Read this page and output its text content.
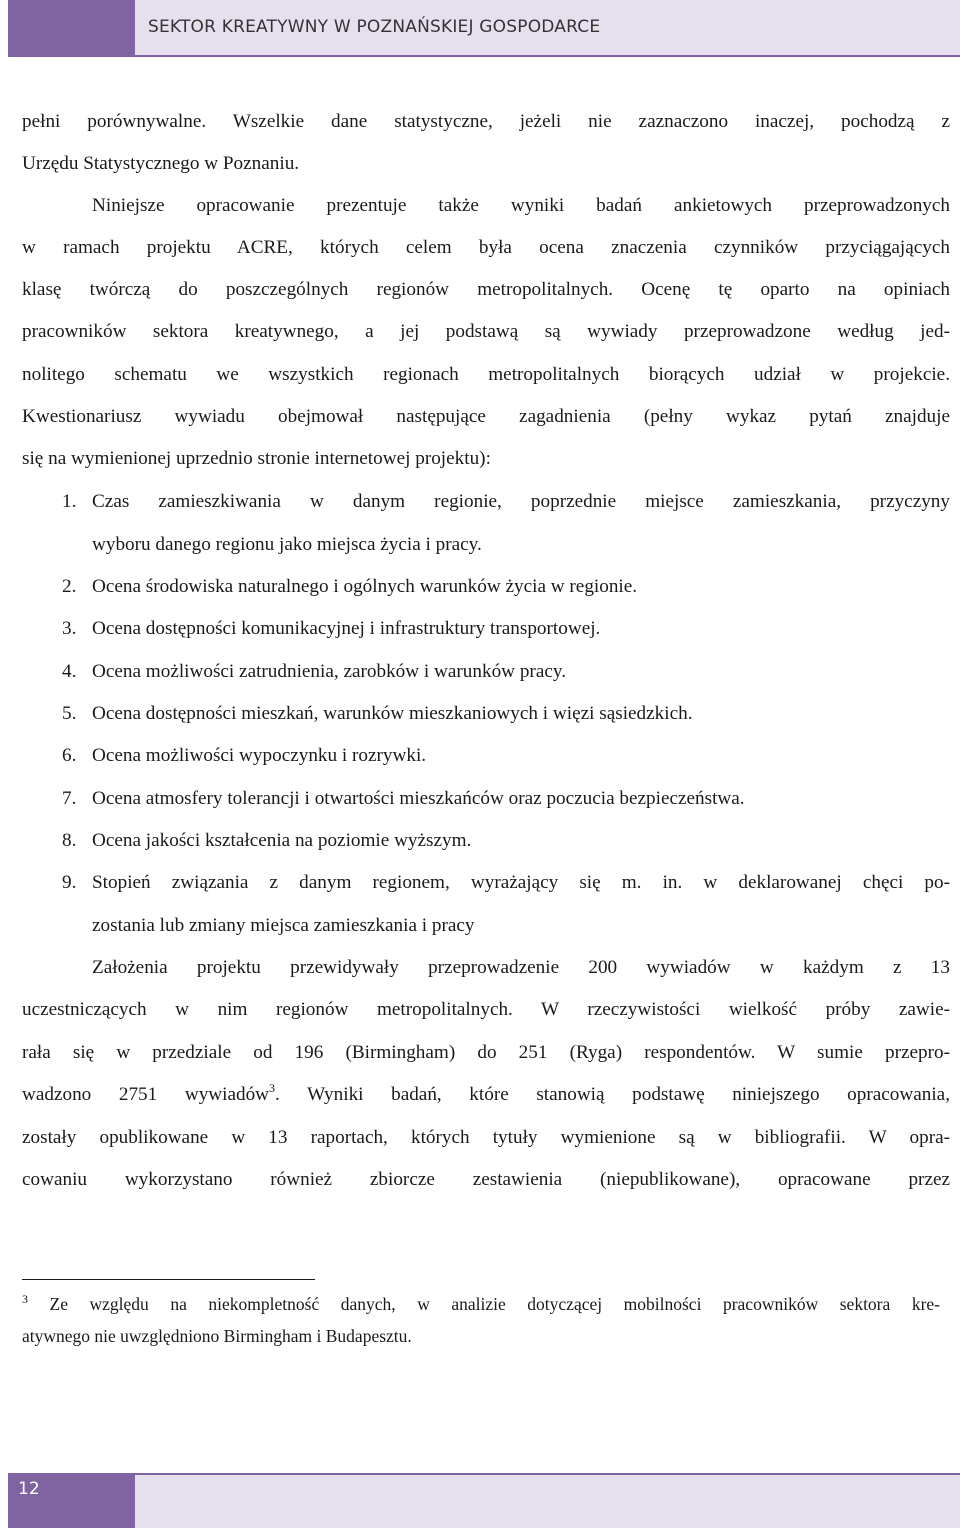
SEKTOR KREATYWNY W POZNAŃSKIEJ GOSPODARCE
pełni porównywalne. Wszelkie dane statystyczne, jeżeli nie zaznaczono inaczej, pochodzą z
Urzędu Statystycznego w Poznaniu.
Niniejsze opracowanie prezentuje także wyniki badań ankietowych przeprowadzonych
w ramach projektu ACRE, których celem była ocena znaczenia czynników przyciągających
klasę twórczą do poszczególnych regionów metropolitalnych. Ocenę tę oparto na opiniach
pracowników sektora kreatywnego, a jej podstawą są wywiady przeprowadzone według jed-
nolitego schematu we wszystkich regionach metropolitalnych biorących udział w projekcie.
Kwestionariusz wywiadu obejmował następujące zagadnienia (pełny wykaz pytań znajduje
się na wymienionej uprzednio stronie internetowej projektu):
1. Czas zamieszkiwania w danym regionie, poprzednie miejsce zamieszkania, przyczyny
wyboru danego regionu jako miejsca życia i pracy.
2. Ocena środowiska naturalnego i ogólnych warunków życia w regionie.
3. Ocena dostępności komunikacyjnej i infrastruktury transportowej.
4. Ocena możliwości zatrudnienia, zarobków i warunków pracy.
5. Ocena dostępności mieszkań, warunków mieszkaniowych i więzi sąsiedzkich.
6. Ocena możliwości wypoczynku i rozrywki.
7. Ocena atmosfery tolerancji i otwartości mieszkańców oraz poczucia bezpieczeństwa.
8. Ocena jakości kształcenia na poziomie wyższym.
9. Stopień związania z danym regionem, wyrażający się m. in. w deklarowanej chęci po-
zostania lub zmiany miejsca zamieszkania i pracy
Założenia projektu przewidywały przeprowadzenie 200 wywiadów w każdym z 13
uczestniczących w nim regionów metropolitalnych. W rzeczywistości wielkość próby zawie-
rała się w przedziale od 196 (Birmingham) do 251 (Ryga) respondentów. W sumie przepro-
wadzono 2751 wywiadów$^3$. Wyniki badań, które stanowią podstawę niniejszego opracowania,
zostały opublikowane w 13 raportach, których tytuły wymienione są w bibliografii. W opra-
cowaniu wykorzystano również zbiorcze zestawienia (niepublikowane), opracowane przez
$^3$ Ze względu na niekompletność danych, w analizie dotyczącej mobilności pracowników sektora kre-
atywnego nie uwzględniono Birmingham i Budapesztu.
12
